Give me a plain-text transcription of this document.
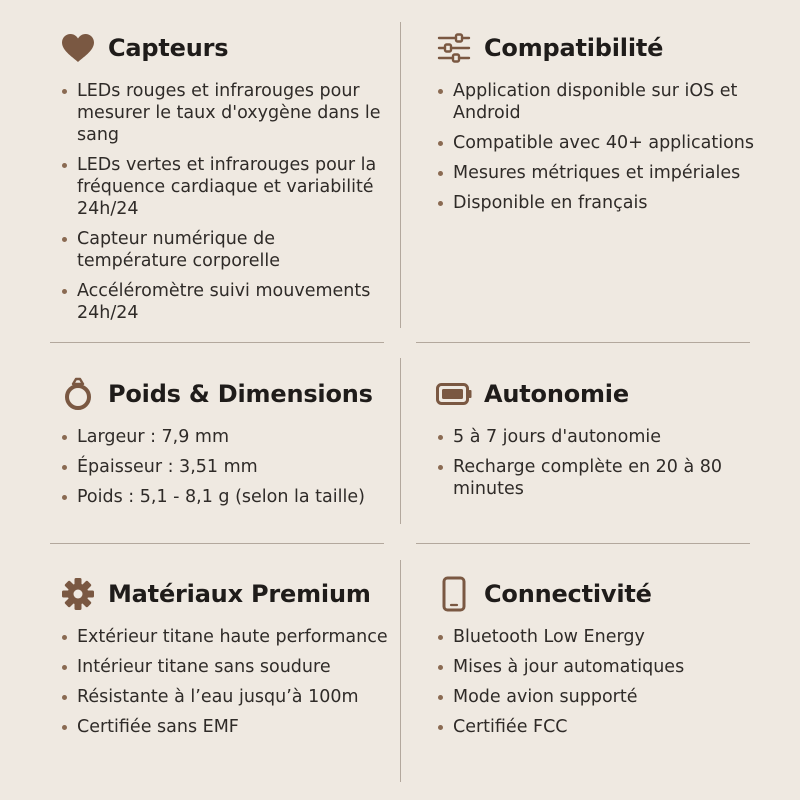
Capteurs
LEDs rouges et infrarouges pour mesurer le taux d'oxygène dans le sang
LEDs vertes et infrarouges pour la fréquence cardiaque et variabilité 24h/24
Capteur numérique de température corporelle
Accéléromètre suivi mouvements 24h/24
Compatibilité
Application disponible sur iOS et Android
Compatible avec 40+ applications
Mesures métriques et impériales
Disponible en français
Poids & Dimensions
Largeur : 7,9 mm
Épaisseur : 3,51 mm
Poids : 5,1 - 8,1 g (selon la taille)
Autonomie
5 à 7 jours d'autonomie
Recharge complète en 20 à 80 minutes
Matériaux Premium
Extérieur titane haute performance
Intérieur titane sans soudure
Résistante à l’eau jusqu’à 100m
Certifiée sans EMF
Connectivité
Bluetooth Low Energy
Mises à jour automatiques
Mode avion supporté
Certifiée FCC
